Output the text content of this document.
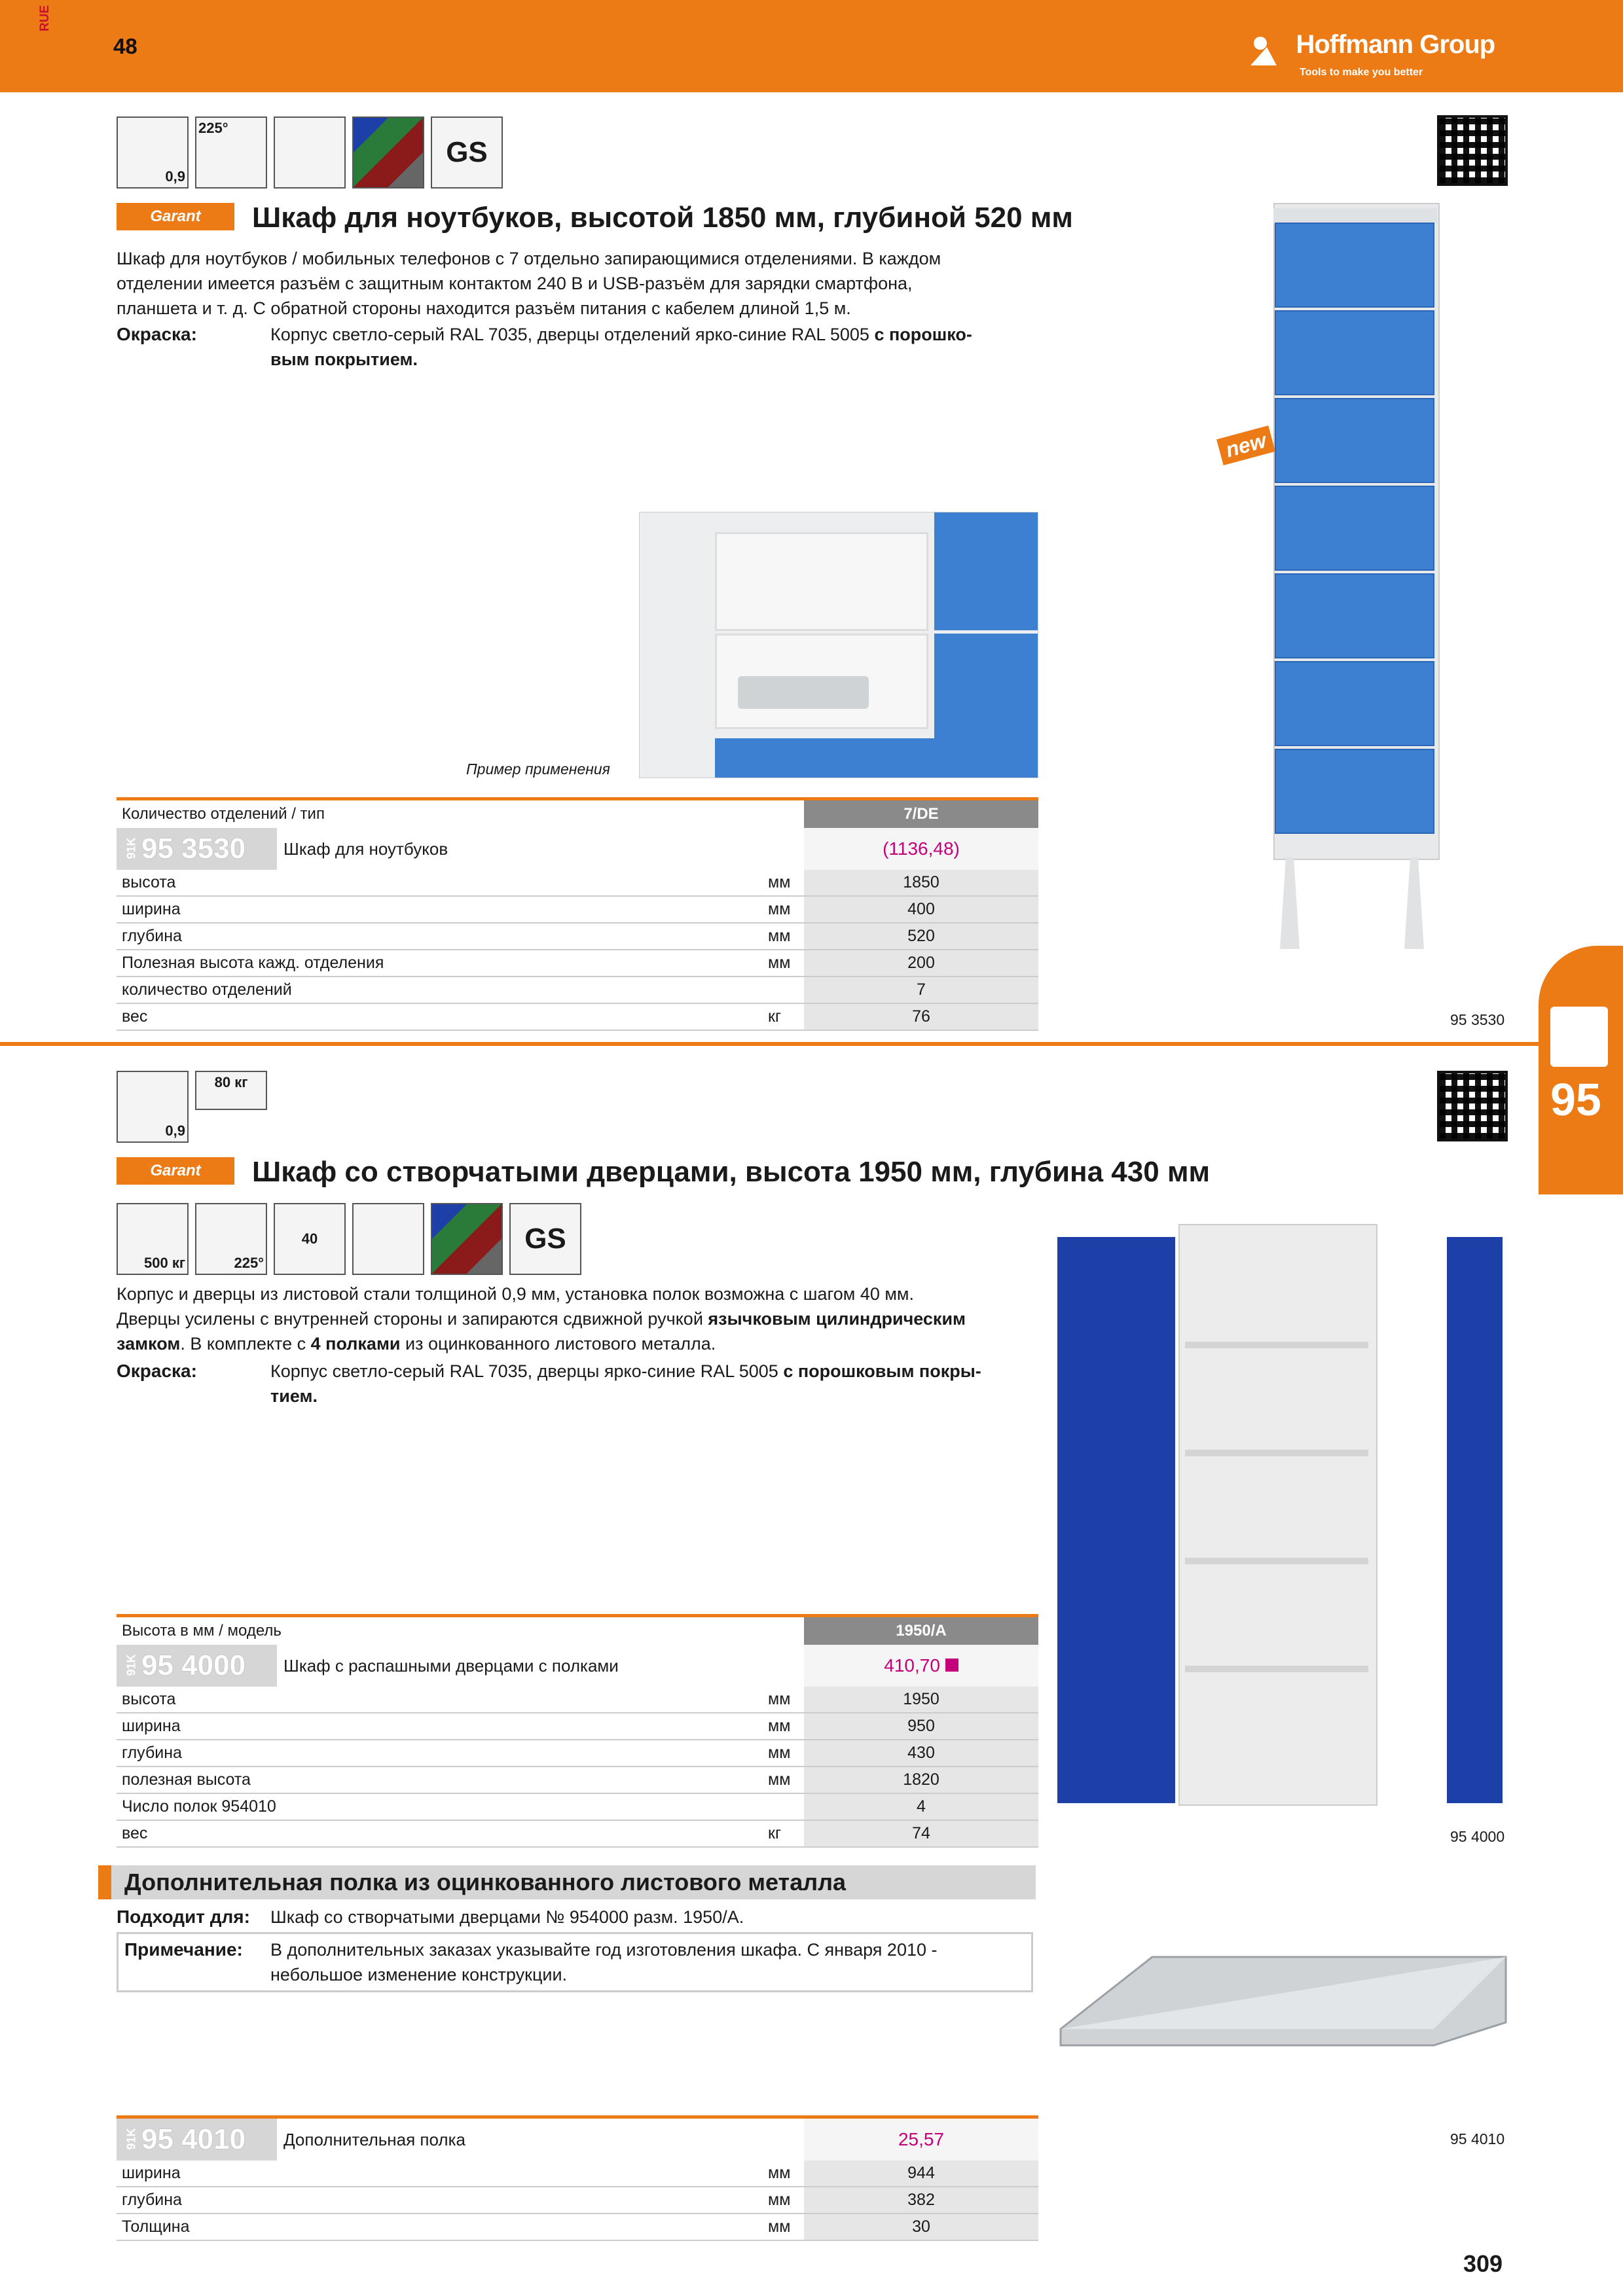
RUE
48	Hoffmann Group
Tools to make you better
95
0,9
225°
GS
Garant	Шкаф для ноутбуков, высотой 1850 мм, глубиной 520 мм
Шкаф для ноутбуков / мобильных телефонов с 7 отдельно запирающимися отделениями. В каждом
отделении имеется разъём с защитным контактом 240 В и USB-разъём для зарядки смартфона,
планшета и т. д. С обратной стороны находится разъём питания с кабелем длиной 1,5 м.
Окраска:	Корпус светло-серый RAL 7035, дверцы отделений ярко-синие RAL 5005 с порошко-
вым покрытием.
Пример применения
new
95 3530
Количество отделений / тип	7/DE
91K 95 3530	Шкаф для ноутбуков	(1136,48)
высота	мм	1850
ширина	мм	400
глубина	мм	520
Полезная высота кажд. отделения	мм	200
количество отделений	7
вес	кг	76
0,9
80 кг
Garant	Шкаф со створчатыми дверцами, высота 1950 мм, глубина 430 мм
500 кг	225°
40	GS
Корпус и дверцы из листовой стали толщиной 0,9 мм, установка полок возможна с шагом 40 мм.
Дверцы усилены с внутренней стороны и запираются сдвижной ручкой язычковым цилиндрическим
замком. В комплекте с 4 полками из оцинкованного листового металла.
Окраска:	Корпус светло-серый RAL 7035, дверцы ярко-синие RAL 5005 с порошковым покры-
тием.
95 4000
Высота в мм / модель	1950/A
91K 95 4000	Шкаф с распашными дверцами с полками	410,70
высота	мм	1950
ширина	мм	950
глубина	мм	430
полезная высота	мм	1820
Число полок 954010	4
вес	кг	74
Дополнительная полка из оцинкованного листового металла
Подходит для: Шкаф со створчатыми дверцами № 954000 разм. 1950/A.
Примечание: В дополнительных заказах указывайте год изготовления шкафа. С января 2010 -
небольшое изменение конструкции.
95 4010
91K 95 4010	Дополнительная полка	25,57
ширина	мм	944
глубина	мм	382
Толщина	мм	30
309
